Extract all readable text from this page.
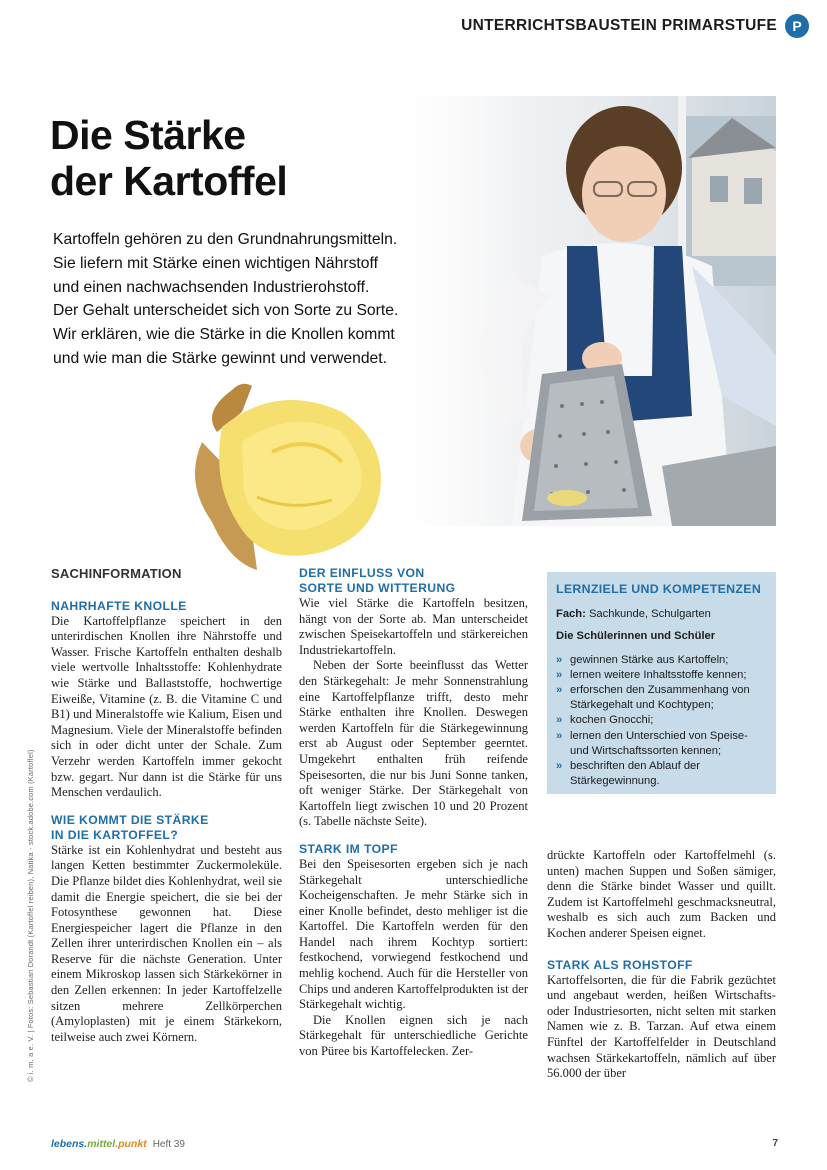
UNTERRICHTSBAUSTEIN PRIMARSTUFE	P
Die Stärke
der Kartoffel
Kartoffeln gehören zu den Grundnahrungsmitteln.
Sie liefern mit Stärke einen wichtigen Nährstoff
und einen nachwachsenden Industrierohstoff.
Der Gehalt unterscheidet sich von Sorte zu Sorte.
Wir erklären, wie die Stärke in die Knollen kommt
und wie man die Stärke gewinnt und verwendet.
© i. m. a e. V. | Fotos: Sebastian Dorandt (Kartoffel reiben), Natika - stock.adobe.com (Kartoffel)
SACHINFORMATION
NAHRHAFTE KNOLLE

Die Kartoffelpflanze speichert in den unterirdischen Knollen ihre Nährstoffe und Wasser. Frische Kartoffeln enthalten deshalb viele wertvolle Inhaltsstoffe: Kohlenhydrate wie Stärke und Ballaststoffe, hochwertige Eiweiße, Vitamine (z. B. die Vitamine C und B1) und Mineralstoffe wie Kalium, Eisen und Magnesium. Viele der Mineralstoffe befinden sich in oder dicht unter der Schale. Zum Verzehr werden Kartoffeln immer gekocht bzw. gegart. Nur dann ist die Stärke für uns Menschen verdaulich.

WIE KOMMT DIE STÄRKE
IN DIE KARTOFFEL?

Stärke ist ein Kohlenhydrat und besteht aus langen Ketten bestimmter Zuckermoleküle. Die Pflanze bildet dies Kohlenhydrat, weil sie damit die Energie speichert, die sie bei der Fotosynthese gewonnen hat. Diese Energiespeicher lagert die Pflanze in den Zellen ihrer unterirdischen Knollen ein – als Reserve für die nächste Generation. Unter einem Mikroskop lassen sich Stärkekörner in den Zellen erkennen: In jeder Kartoffelzelle sitzen mehrere Zellkörperchen (Amyloplasten) mit je einem Stärkekorn, teilweise auch zwei Körnern.

DER EINFLUSS VON
SORTE UND WITTERUNG

Wie viel Stärke die Kartoffeln besitzen, hängt von der Sorte ab. Man unterscheidet zwischen Speisekartoffeln und stärkereichen Industriekartoffeln.

Neben der Sorte beeinflusst das Wetter den Stärkegehalt: Je mehr Sonnenstrahlung eine Kartoffelpflanze trifft, desto mehr Stärke enthalten ihre Knollen. Deswegen werden Kartoffeln für die Stärkegewinnung erst ab August oder September geerntet. Umgekehrt enthalten früh reifende Speisesorten, die nur bis Juni Sonne tanken, oft weniger Stärke. Der Stärkegehalt von Kartoffeln liegt zwischen 10 und 20 Prozent (s. Tabelle nächste Seite).

STARK IM TOPF

Bei den Speisesorten ergeben sich je nach Stärkegehalt unterschiedliche Kocheigenschaften. Je mehr Stärke sich in einer Knolle befindet, desto mehliger ist die Kartoffel. Die Kartoffeln werden für den Handel nach ihrem Kochtyp sortiert: festkochend, vorwiegend festkochend und mehlig kochend. Auch für die Hersteller von Chips und anderen Kartoffelprodukten ist der Stärkegehalt wichtig.

Die Knollen eignen sich je nach Stärkegehalt für unterschiedliche Gerichte von Püree bis Kartoffelecken. Zer-

LERNZIELE UND KOMPETENZEN
Fach: Sachkunde, Schulgarten
Die Schülerinnen und Schüler
» gewinnen Stärke aus Kartoffeln;
» lernen weitere Inhaltsstoffe kennen;
» erforschen den Zusammenhang von Stärkegehalt und Kochtypen;
» kochen Gnocchi;
» lernen den Unterschied von Speise- und Wirtschaftssorten kennen;
» beschriften den Ablauf der Stärkegewinnung.

drückte Kartoffeln oder Kartoffelmehl (s. unten) machen Suppen und Soßen sämiger, denn die Stärke bindet Wasser und quillt. Zudem ist Kartoffelmehl geschmacksneutral, weshalb es sich auch zum Backen und Kochen anderer Speisen eignet.

STARK ALS ROHSTOFF

Kartoffelsorten, die für die Fabrik gezüchtet und angebaut werden, heißen Wirtschafts- oder Industriesorten, nicht selten mit starken Namen wie z. B. Tarzan. Auf etwa einem Fünftel der Kartoffelfelder in Deutschland wachsen Stärkekartoffeln, nämlich auf über 56.000 der über

lebens.mittel.punkt Heft 39	7
